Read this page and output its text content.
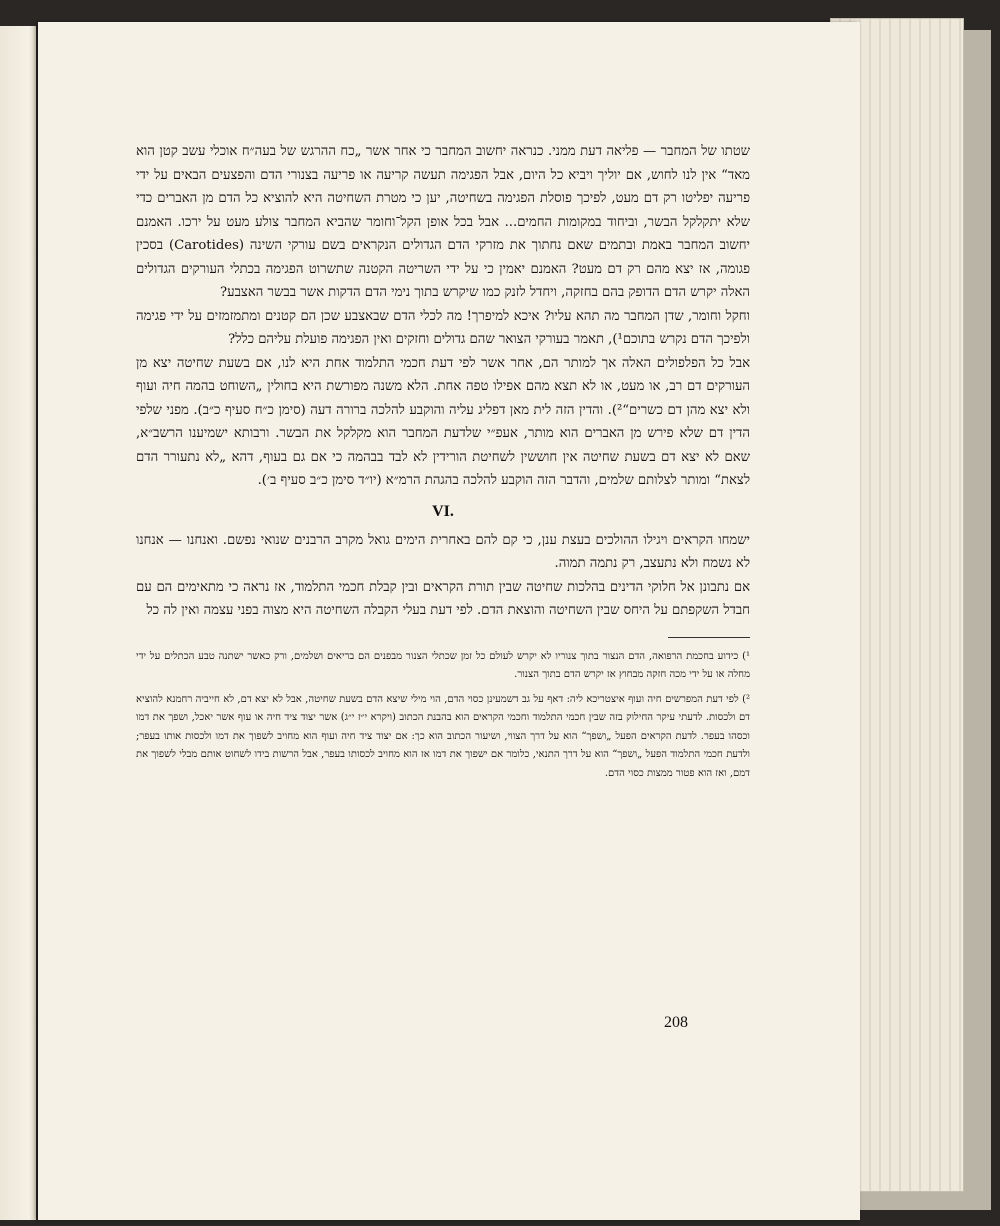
שטתו של המחבר — פליאה דעת ממני. כנראה יחשוב המחבר כי אחר אשר „כח ההרגש של בעה״ח אוכלי עשב קטן הוא מאד“ אין לנו לחוש, אם יוליך ויביא כל היום, אבל הפגימה תעשה קריעה או פריעה בצנורי הדם והפצעים הבאים על ידי פריעה יפליטו רק דם מעט, לפיכך פוסלת הפגימה בשחיטה, יען כי מטרת השחיטה היא להוציא כל הדם מן האברים כדי שלא יתקלקל הבשר, וביחוד במקומות החמים... אבל בכל אופן הקל־וחומר שהביא המחבר צולע מעט על ירכו. האמנם יחשוב המחבר באמת ובתמים שאם נחתוך את מזרקי הדם הגדולים הנקראים בשם עורקי השינה (Carotides) בסכין פגומה, אז יצא מהם רק דם מעט? האמנם יאמין כי על ידי השריטה הקטנה שתשרוט הפגימה בכתלי העורקים הגדולים האלה יקרש הדם הדופק בהם בחזקה, ויחדל לזנק כמו שיקרש בתוך נימי הדם הדקות אשר בבשר האצבע?

וחקל וחומר, שדן המחבר מה תהא עליו? איכא למיפרך! מה לכלי הדם שבאצבע שכן הם קטנים ומתמזמזים על ידי פגימה ולפיכך הדם נקרש בתוכם¹), תאמר בעורקי הצואר שהם גדולים וחזקים ואין הפגימה פועלת עליהם כלל?

אבל כל הפלפולים האלה אך למותר הם, אחר אשר לפי דעת חכמי התלמוד אחת היא לנו, אם בשעת שחיטה יצא מן העורקים דם רב, או מעט, או לא תצא מהם אפילו טפה אחת. הלא משנה מפורשת היא בחולין „השוחט בהמה חיה ועוף ולא יצא מהן דם כשרים“²). והדין הזה לית מאן דפליג עליה והוקבע להלכה ברורה דעה (סימן כ״ח סעיף כ״ב). מפני שלפי הדין דם שלא פירש מן האברים הוא מותר, אעפ״י שלדעת המחבר הוא מקלקל את הבשר. ורבותא ישמיענו הרשב״א, שאם לא יצא דם בשעת שחיטה אין חוששין לשחיטת הורידין לא לבד בבהמה כי אם גם בעוף, דהא „לא נתעורר הדם לצאת“ ומותר לצלותם שלמים, והדבר הזה הוקבע להלכה בהגהת הרמ״א (יו״ד סימן כ״ב סעיף ב׳).

VI.

ישמחו הקראים ויגילו ההולכים בעצת ענן, כי קם להם באחרית הימים גואל מקרב הרבנים שנואי נפשם. ואנחנו — אנחנו לא נשמח ולא נתעצב, רק נתמה תמוה.

אם נתבונן אל חלוקי הדינים בהלכות שחיטה שבין תורת הקראים ובין קבלת חכמי התלמוד, אז נראה כי מתאימים הם עם חבדל השקפתם על היחס שבין השחיטה והוצאת הדם. לפי דעת בעלי הקבלה השחיטה היא מצוה בפני עצמה ואין לה כל

¹) כידוע בחכמת הרפואה, הדם הנצור בתוך צנוריו לא יקרש לעולם כל זמן שכתלי הצנור מבפנים הם בריאים ושלמים, ורק כאשר ישתנה טבע הכתלים על ידי מחלה או על ידי מכה חזקה מבחוץ אז יקרש הדם בתוך הצנור.

²) לפי דעת המפרשים חיה ועוף איצטריכא ליה: דאף על גב דשמעינן כסוי הדם, הוי מילי שיצא הדם בשעת שחיטה, אבל לא יצא דם, לא חייביה רחמנא להוציא דם ולכסות. לדעתי עיקר החילוק בזה שבין חכמי התלמוד וחכמי הקראים הוא בהבנת הכתוב (ויקרא י״ז י״ג) אשר יצוד ציד חיה או עוף אשר יאכל, ושפך את דמו וכסהו בעפר. לדעת הקראים הפעל „ושפך“ הוא על דרך הצווי, ושיעור הכתוב הוא כך: אם יצוד ציד חיה ועוף הוא מחויב לשפוך את דמו ולכסות אותו בעפר; ולדעת חכמי התלמוד הפעל „ושפך“ הוא על דרך התנאי, כלומר אם ישפוך את דמו אז הוא מחויב לכסותו בעפר, אבל הרשות בידו לשחוט אותם מבלי לשפוך את דמם, ואז הוא פטור ממצות כסוי הדם.

208
